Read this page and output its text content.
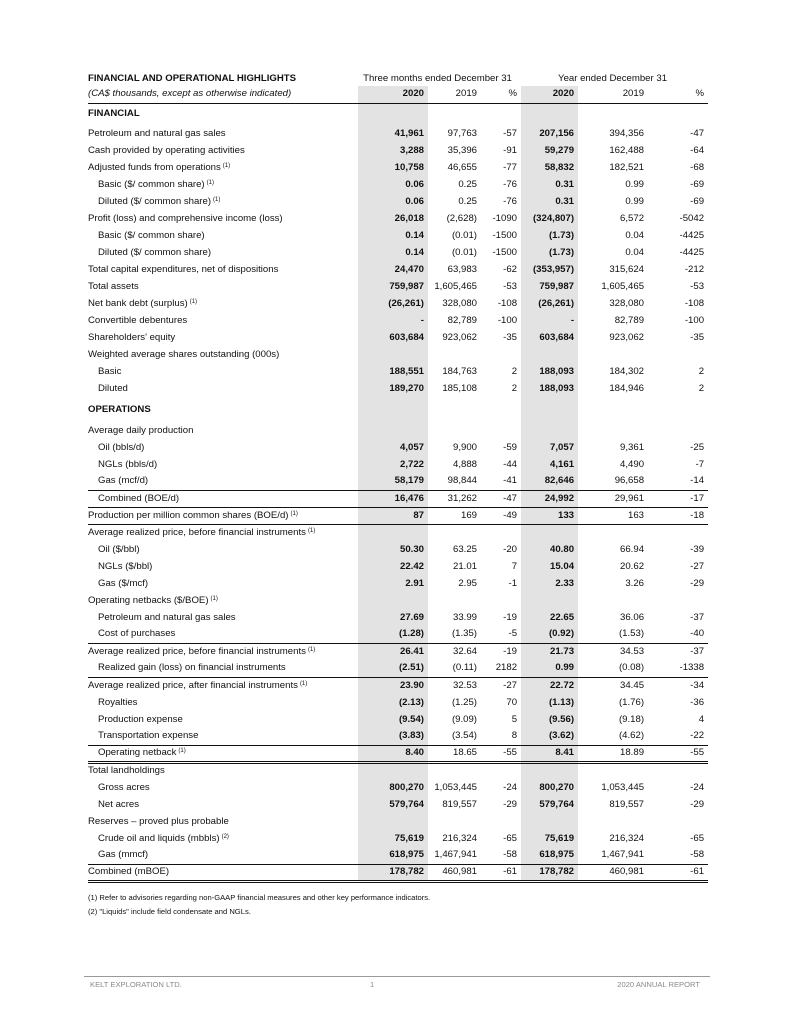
FINANCIAL AND OPERATIONAL HIGHLIGHTS	Three months ended December 31			Year ended December 31		
(CA$ thousands, except as otherwise indicated)	2020	2019	%	2020	2019	%
FINANCIAL						
Petroleum and natural gas sales	41,961	97,763	-57	207,156	394,356	-47
Cash provided by operating activities	3,288	35,396	-91	59,279	162,488	-64
Adjusted funds from operations $^{(1)}$	10,758	46,655	-77	58,832	182,521	-68
Basic ($/ common share) $^{(1)}$	0.06	0.25	-76	0.31	0.99	-69
Diluted ($/ common share) $^{(1)}$	0.06	0.25	-76	0.31	0.99	-69
Profit (loss) and comprehensive income (loss)	26,018	(2,628)	-1090	(324,807)	6,572	-5042
Basic ($/ common share)	0.14	(0.01)	-1500	(1.73)	0.04	-4425
Diluted ($/ common share)	0.14	(0.01)	-1500	(1.73)	0.04	-4425
Total capital expenditures, net of dispositions	24,470	63,983	-62	(353,957)	315,624	-212
Total assets	759,987	1,605,465	-53	759,987	1,605,465	-53
Net bank debt (surplus) $^{(1)}$	(26,261)	328,080	-108	(26,261)	328,080	-108
Convertible debentures	-	82,789	-100	-	82,789	-100
Shareholders' equity	603,684	923,062	-35	603,684	923,062	-35
Weighted average shares outstanding (000s)						
Basic	188,551	184,763	2	188,093	184,302	2
Diluted	189,270	185,108	2	188,093	184,946	2
OPERATIONS						
Average daily production						
Oil (bbls/d)	4,057	9,900	-59	7,057	9,361	-25
NGLs (bbls/d)	2,722	4,888	-44	4,161	4,490	-7
Gas (mcf/d)	58,179	98,844	-41	82,646	96,658	-14
Combined (BOE/d)	16,476	31,262	-47	24,992	29,961	-17
Production per million common shares (BOE/d) $^{(1)}$	87	169	-49	133	163	-18
Average realized price, before financial instruments $^{(1)}$						
Oil ($/bbl)	50.30	63.25	-20	40.80	66.94	-39
NGLs ($/bbl)	22.42	21.01	7	15.04	20.62	-27
Gas ($/mcf)	2.91	2.95	-1	2.33	3.26	-29
Operating netbacks ($/BOE) $^{(1)}$						
Petroleum and natural gas sales	27.69	33.99	-19	22.65	36.06	-37
Cost of purchases	(1.28)	(1.35)	-5	(0.92)	(1.53)	-40
Average realized price, before financial instruments $^{(1)}$	26.41	32.64	-19	21.73	34.53	-37
Realized gain (loss) on financial instruments	(2.51)	(0.11)	2182	0.99	(0.08)	-1338
Average realized price, after financial instruments $^{(1)}$	23.90	32.53	-27	22.72	34.45	-34
Royalties	(2.13)	(1.25)	70	(1.13)	(1.76)	-36
Production expense	(9.54)	(9.09)	5	(9.56)	(9.18)	4
Transportation expense	(3.83)	(3.54)	8	(3.62)	(4.62)	-22
Operating netback $^{(1)}$	8.40	18.65	-55	8.41	18.89	-55
Total landholdings						
Gross acres	800,270	1,053,445	-24	800,270	1,053,445	-24
Net acres	579,764	819,557	-29	579,764	819,557	-29
Reserves – proved plus probable						
Crude oil and liquids (mbbls) $^{(2)}$	75,619	216,324	-65	75,619	216,324	-65
Gas (mmcf)	618,975	1,467,941	-58	618,975	1,467,941	-58
Combined (mBOE)	178,782	460,981	-61	178,782	460,981	-61
(1) Refer to advisories regarding non-GAAP financial measures and other key performance indicators.
(2) "Liquids" include field condensate and NGLs.
KELT EXPLORATION LTD.	1	2020 ANNUAL REPORT
